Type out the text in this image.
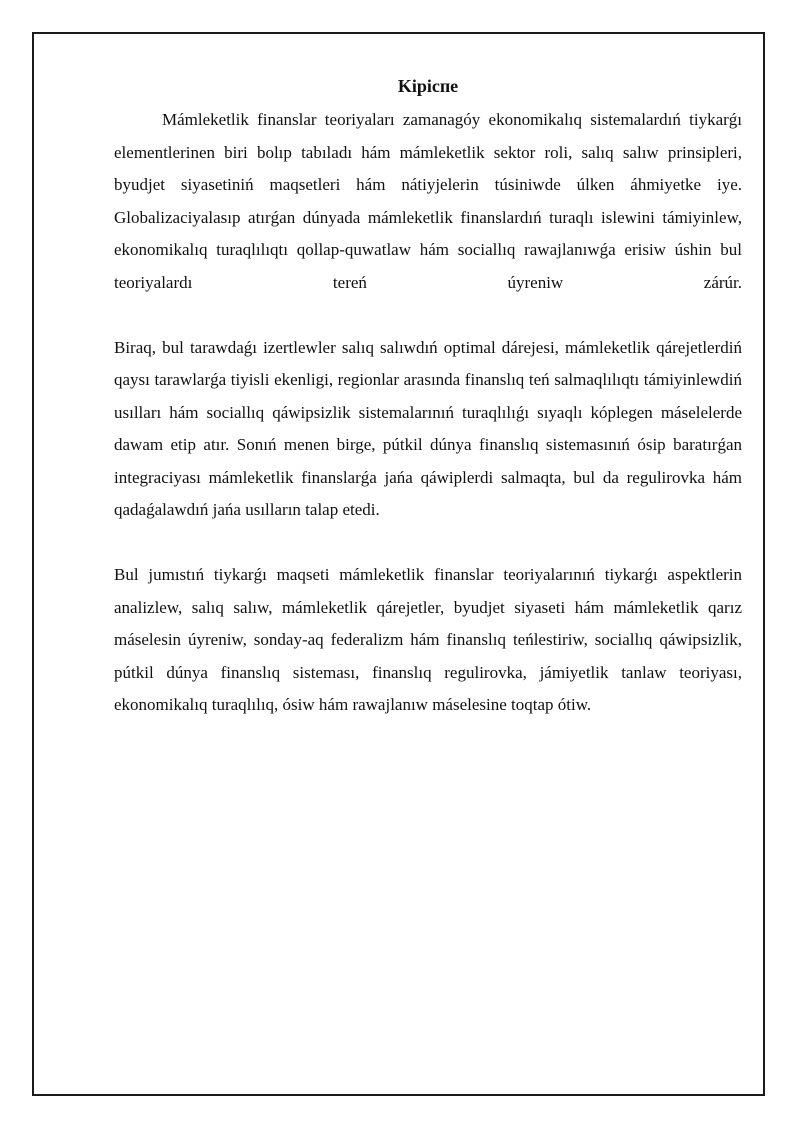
Kipicпe

Mámleketlik finanslar teoriyaları zamanagóy ekonomikalıq sistemalardıń tiykarǵı elementlerinen biri bolıp tabıladı hám mámleketlik sektor roli, salıq salıw prinsipleri, byudjet siyasetiniń maqsetleri hám nátiyjelerin túsiniwde úlken áhmiyetke iye. Globalizaciyalasıp atırǵan dúnyada mámleketlik finanslardıń turaqlı islewini támiyinlew, ekonomikalıq turaqlılıqtı qollap-quwatlaw hám sociallıq rawajlanıwǵa erisiw úshin bul teoriyalardı tereń úyreniw zárúr.

Biraq, bul tarawdaǵı izertlewler salıq salıwdıń optimal dárejesi, mámleketlik qárejetlerdiń qaysı tarawlarǵa tiyisli ekenligi, regionlar arasında finanslıq teń salmaqlılıqtı támiyinlewdiń usılları hám sociallıq qáwipsizlik sistemalarınıń turaqlılıǵı sıyaqlı kóplegen máselelerde dawam etip atır. Sonıń menen birge, pútkil dúnya finanslıq sistemasınıń ósip baratırǵan integraciyası mámleketlik finanslarǵa jańa qáwiplerdi salmaqta, bul da regulirovka hám qadaǵalawdıń jańa usılların talap etedi.

Bul jumıstıń tiykarǵı maqseti mámleketlik finanslar teoriyalarınıń tiykarǵı aspektlerin analizlew, salıq salıw, mámleketlik qárejetler, byudjet siyaseti hám mámleketlik qarız máselesin úyreniw, sonday-aq federalizm hám finanslıq teńlestiriw, sociallıq qáwipsizlik, pútkil dúnya finanslıq sisteması, finanslıq regulirovka, jámiyetlik tanlaw teoriyası, ekonomikalıq turaqlılıq, ósiw hám rawajlanıw máselesine toqtap ótiw.
